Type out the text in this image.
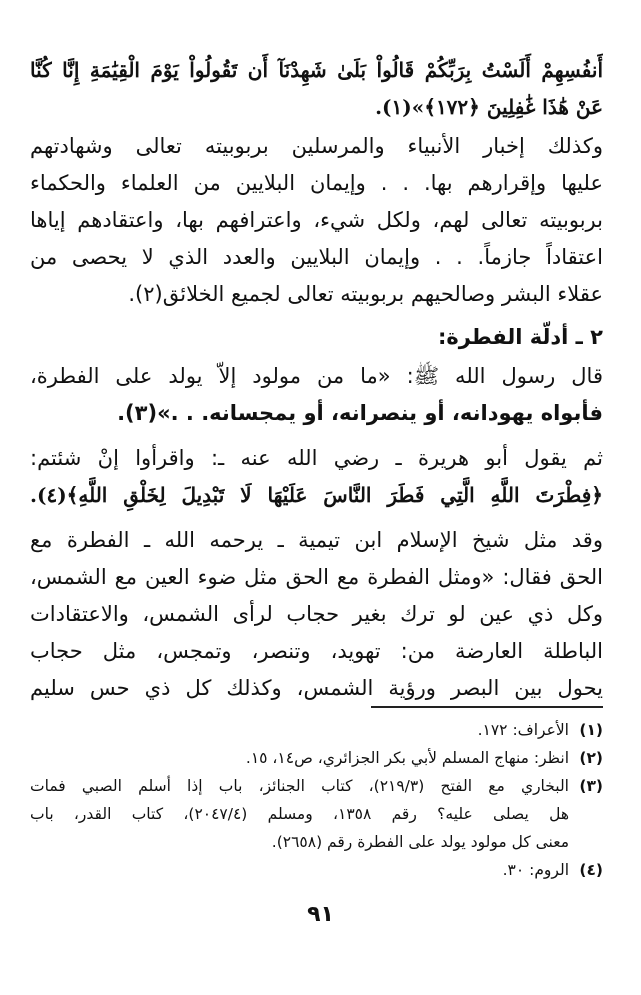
أَنفُسِهِمْ أَلَسْتُ بِرَبِّكُمْ قَالُواْ بَلَىٰ شَهِدْنَآ أَن تَقُولُواْ يَوْمَ الْقِيَٰمَةِ إِنَّا كُنَّا
عَنْ هَٰذَا غَٰفِلِينَ ﴿١٧٢﴾»(١).
وكذلك إخبار الأنبياء والمرسلين بربوبيته تعالى وشهادتهم
عليها وإقرارهم بها. . . وإيمان البلايين من العلماء والحكماء
بربوبيته تعالى لهم، ولكل شيء، واعترافهم بها، واعتقادهم إياها
اعتقاداً جازماً. . . وإيمان البلايين والعدد الذي لا يحصى من
عقلاء البشر وصالحيهم بربوبيته تعالى لجميع الخلائق(٢).
٢ ـ أدلّة الفطرة:
قال رسول الله ﷺ: «ما من مولود إلاّ يولد على الفطرة،
فأبواه يهودانه، أو ينصرانه، أو يمجسانه. . .»(٣).
ثم يقول أبو هريرة ـ رضي الله عنه ـ: واقرأوا إنْ شئتم:
﴿فِطْرَتَ اللَّهِ الَّتِي فَطَرَ النَّاسَ عَلَيْهَا لَا تَبْدِيلَ لِخَلْقِ اللَّهِ﴾(٤).
وقد مثل شيخ الإسلام ابن تيمية ـ يرحمه الله ـ الفطرة مع
الحق فقال: «ومثل الفطرة مع الحق مثل ضوء العين مع الشمس،
وكل ذي عين لو ترك بغير حجاب لرأى الشمس، والاعتقادات
الباطلة العارضة من: تهويد، وتنصر، وتمجس، مثل حجاب
يحول بين البصر ورؤية الشمس، وكذلك كل ذي حس سليم
(١)
الأعراف: ١٧٢.
(٢)
انظر: منهاج المسلم لأبي بكر الجزائري، ص١٤، ١٥.
(٣)
البخاري مع الفتح (٢١٩/٣)، كتاب الجنائز، باب إذا أسلم الصبي فمات
هل يصلى عليه؟ رقم ١٣٥٨، ومسلم (٢٠٤٧/٤)، كتاب القدر، باب
معنى كل مولود يولد على الفطرة رقم (٢٦٥٨).
(٤)
الروم: ٣٠.
٩١
